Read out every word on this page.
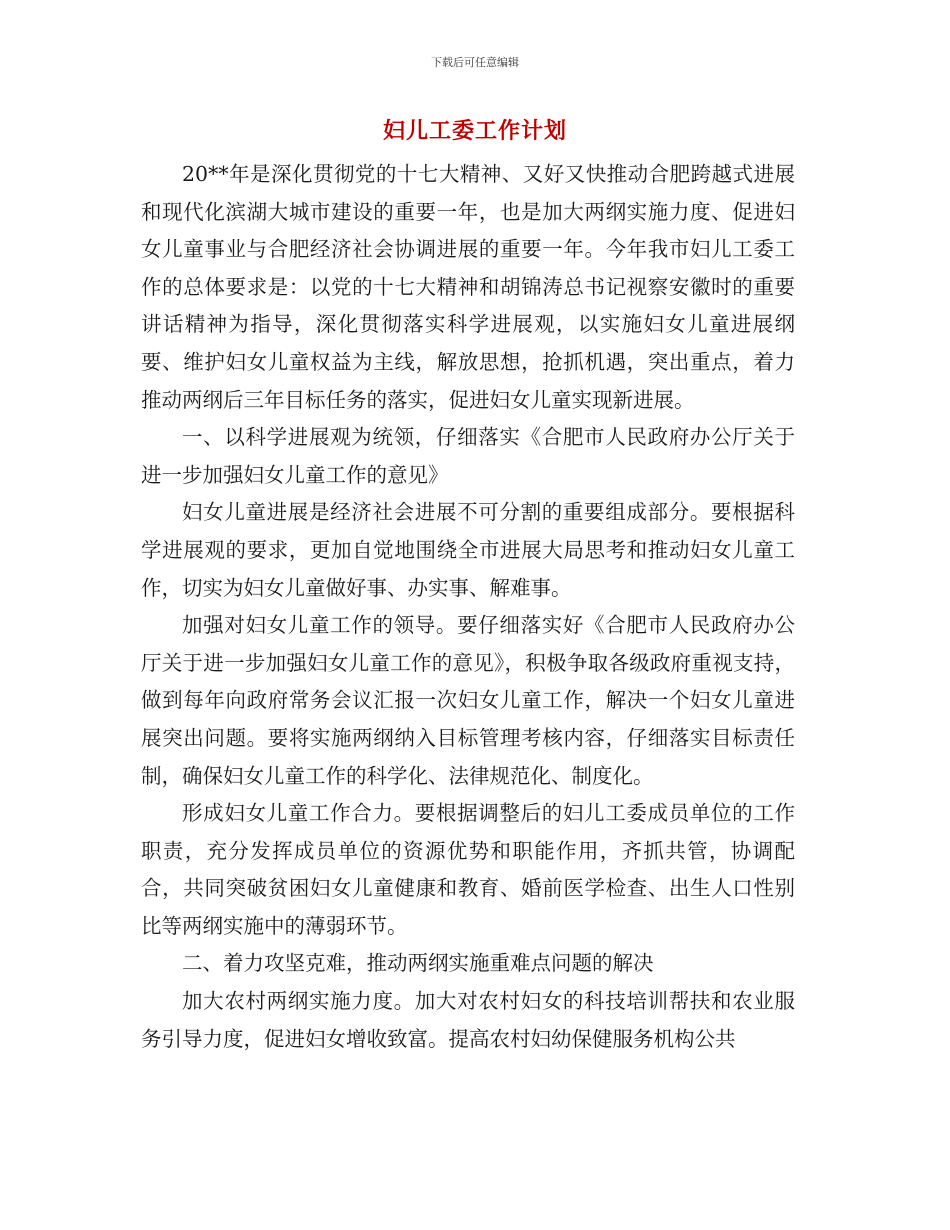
下载后可任意编辑
妇儿工委工作计划

20**年是深化贯彻党的十七大精神、又好又快推动合肥跨越式进展和现代化滨湖大城市建设的重要一年，也是加大两纲实施力度、促进妇女儿童事业与合肥经济社会协调进展的重要一年。今年我市妇儿工委工作的总体要求是：以党的十七大精神和胡锦涛总书记视察安徽时的重要讲话精神为指导，深化贯彻落实科学进展观，以实施妇女儿童进展纲要、维护妇女儿童权益为主线，解放思想，抢抓机遇，突出重点，着力推动两纲后三年目标任务的落实，促进妇女儿童实现新进展。

一、以科学进展观为统领，仔细落实《合肥市人民政府办公厅关于进一步加强妇女儿童工作的意见》

妇女儿童进展是经济社会进展不可分割的重要组成部分。要根据科学进展观的要求，更加自觉地围绕全市进展大局思考和推动妇女儿童工作，切实为妇女儿童做好事、办实事、解难事。

加强对妇女儿童工作的领导。要仔细落实好《合肥市人民政府办公厅关于进一步加强妇女儿童工作的意见》，积极争取各级政府重视支持，做到每年向政府常务会议汇报一次妇女儿童工作，解决一个妇女儿童进展突出问题。要将实施两纲纳入目标管理考核内容，仔细落实目标责任制，确保妇女儿童工作的科学化、法律规范化、制度化。

形成妇女儿童工作合力。要根据调整后的妇儿工委成员单位的工作职责，充分发挥成员单位的资源优势和职能作用，齐抓共管，协调配合，共同突破贫困妇女儿童健康和教育、婚前医学检查、出生人口性别比等两纲实施中的薄弱环节。

二、着力攻坚克难，推动两纲实施重难点问题的解决

加大农村两纲实施力度。加大对农村妇女的科技培训帮扶和农业服务引导力度，促进妇女增收致富。提高农村妇幼保健服务机构公共
